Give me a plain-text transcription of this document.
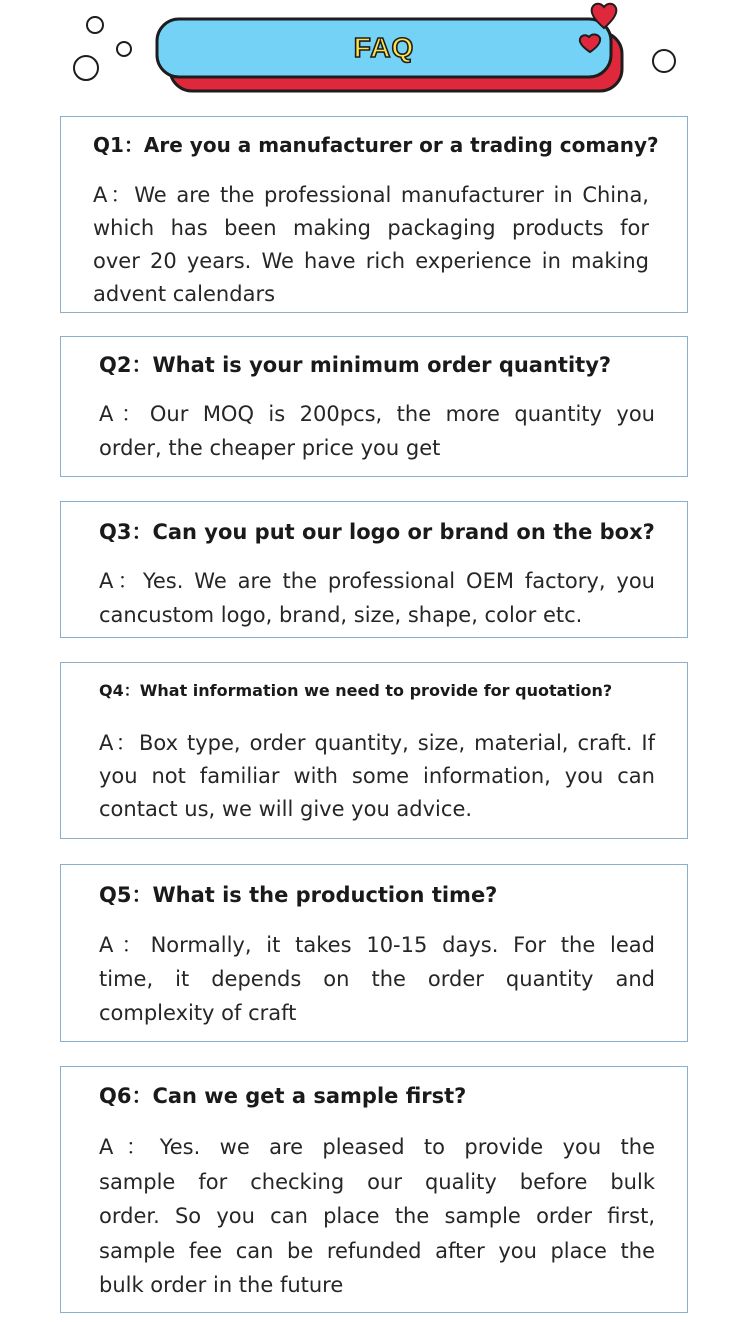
FAQ
Q1：Are you a manufacturer or a trading comany?
A：We are the professional manufacturer in China,
which has been making packaging products for
over 20 years. We have rich experience in making
advent calendars
Q2：What is your minimum order quantity?
A：Our MOQ is 200pcs, the more quantity you
order, the cheaper price you get
Q3：Can you put our logo or brand on the box?
A：Yes. We are the professional OEM factory, you
cancustom logo, brand, size, shape, color etc.
Q4：What information we need to provide for quotation?
A：Box type, order quantity, size, material, craft. If
you not familiar with some information, you can
contact us, we will give you advice.
Q5：What is the production time?
A：Normally, it takes 10-15 days. For the lead
time, it depends on the order quantity and
complexity of craft
Q6：Can we get a sample first?
A：Yes. we are pleased to provide you the
sample for checking our quality before bulk
order. So you can place the sample order first,
sample fee can be refunded after you place the
bulk order in the future
